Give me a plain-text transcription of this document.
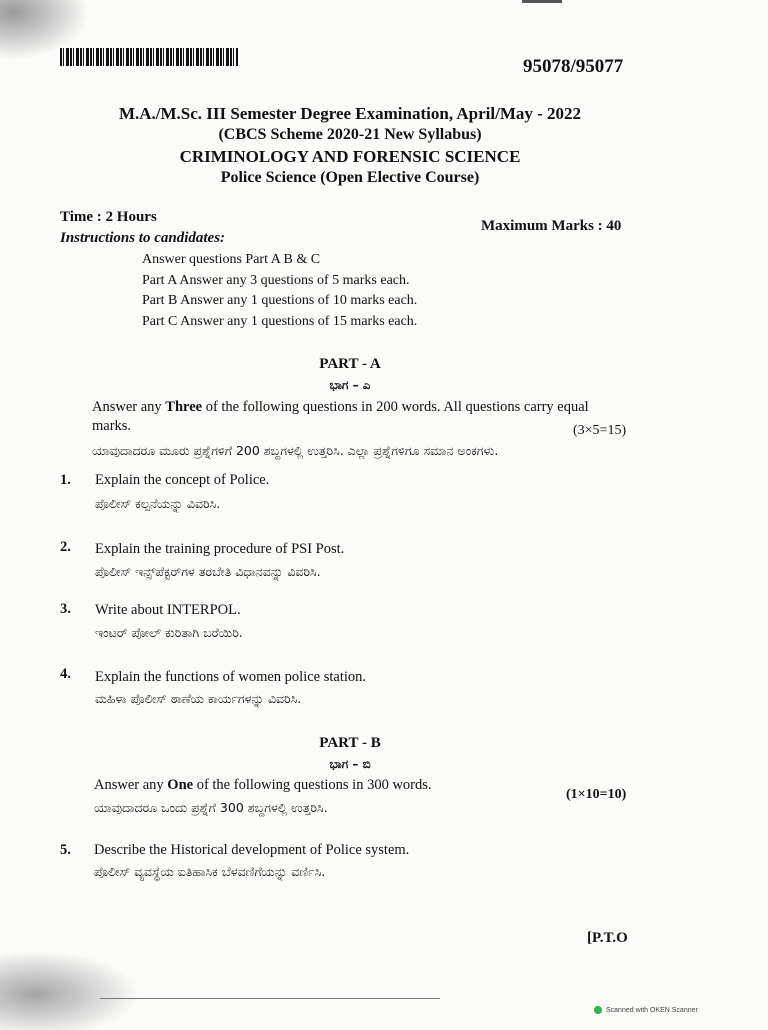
95078/95077
M.A./M.Sc. III Semester Degree Examination, April/May - 2022
(CBCS Scheme 2020-21 New Syllabus)
CRIMINOLOGY AND FORENSIC SCIENCE
Police Science (Open Elective Course)
Time : 2 Hours
Maximum Marks : 40
Instructions to candidates:
Answer questions Part A B & C
Part A Answer any 3 questions of 5 marks each.
Part B Answer any 1 questions of 10 marks each.
Part C Answer any 1 questions of 15 marks each.
PART - A
ಭಾಗ – ಎ
Answer any Three of the following questions in 200 words. All questions carry equal
marks.	(3×5=15)
ಯಾವುದಾದರೂ ಮೂರು ಪ್ರಶ್ನೆಗಳಿಗೆ 200 ಶಬ್ದಗಳಲ್ಲಿ ಉತ್ತರಿಸಿ. ಎಲ್ಲಾ ಪ್ರಶ್ನೆಗಳಿಗೂ ಸಮಾನ ಅಂಕಗಳು.
1. Explain the concept of Police.
ಪೊಲೀಸ್ ಕಲ್ಪನೆಯನ್ನು ವಿವರಿಸಿ.
2. Explain the training procedure of PSI Post.
ಪೊಲೀಸ್ ಇನ್ಸ್‌ಪೆಕ್ಟರ್‌ಗಳ ತರಬೇತಿ ವಿಧಾನವನ್ನು ವಿವರಿಸಿ.
3. Write about INTERPOL.
ಇಂಟರ್ ಪೋಲ್ ಕುರಿತಾಗಿ ಬರೆಯಿರಿ.
4. Explain the functions of women police station.
ಮಹಿಳಾ ಪೊಲೀಸ್ ಠಾಣೆಯ ಕಾರ್ಯಗಳನ್ನು ವಿವರಿಸಿ.
PART - B
ಭಾಗ – ಬಿ
Answer any One of the following questions in 300 words.
(1×10=10)
ಯಾವುದಾದರೂ ಒಂದು ಪ್ರಶ್ನೆಗೆ 300 ಶಬ್ದಗಳಲ್ಲಿ ಉತ್ತರಿಸಿ.
5. Describe the Historical development of Police system.
ಪೊಲೀಸ್ ವ್ಯವಸ್ಥೆಯ ಐತಿಹಾಸಿಕ ಬೆಳವಣಿಗೆಯನ್ನು ವರ್ಣಿಸಿ.
[P.T.O
Scanned with OKEN Scanner
